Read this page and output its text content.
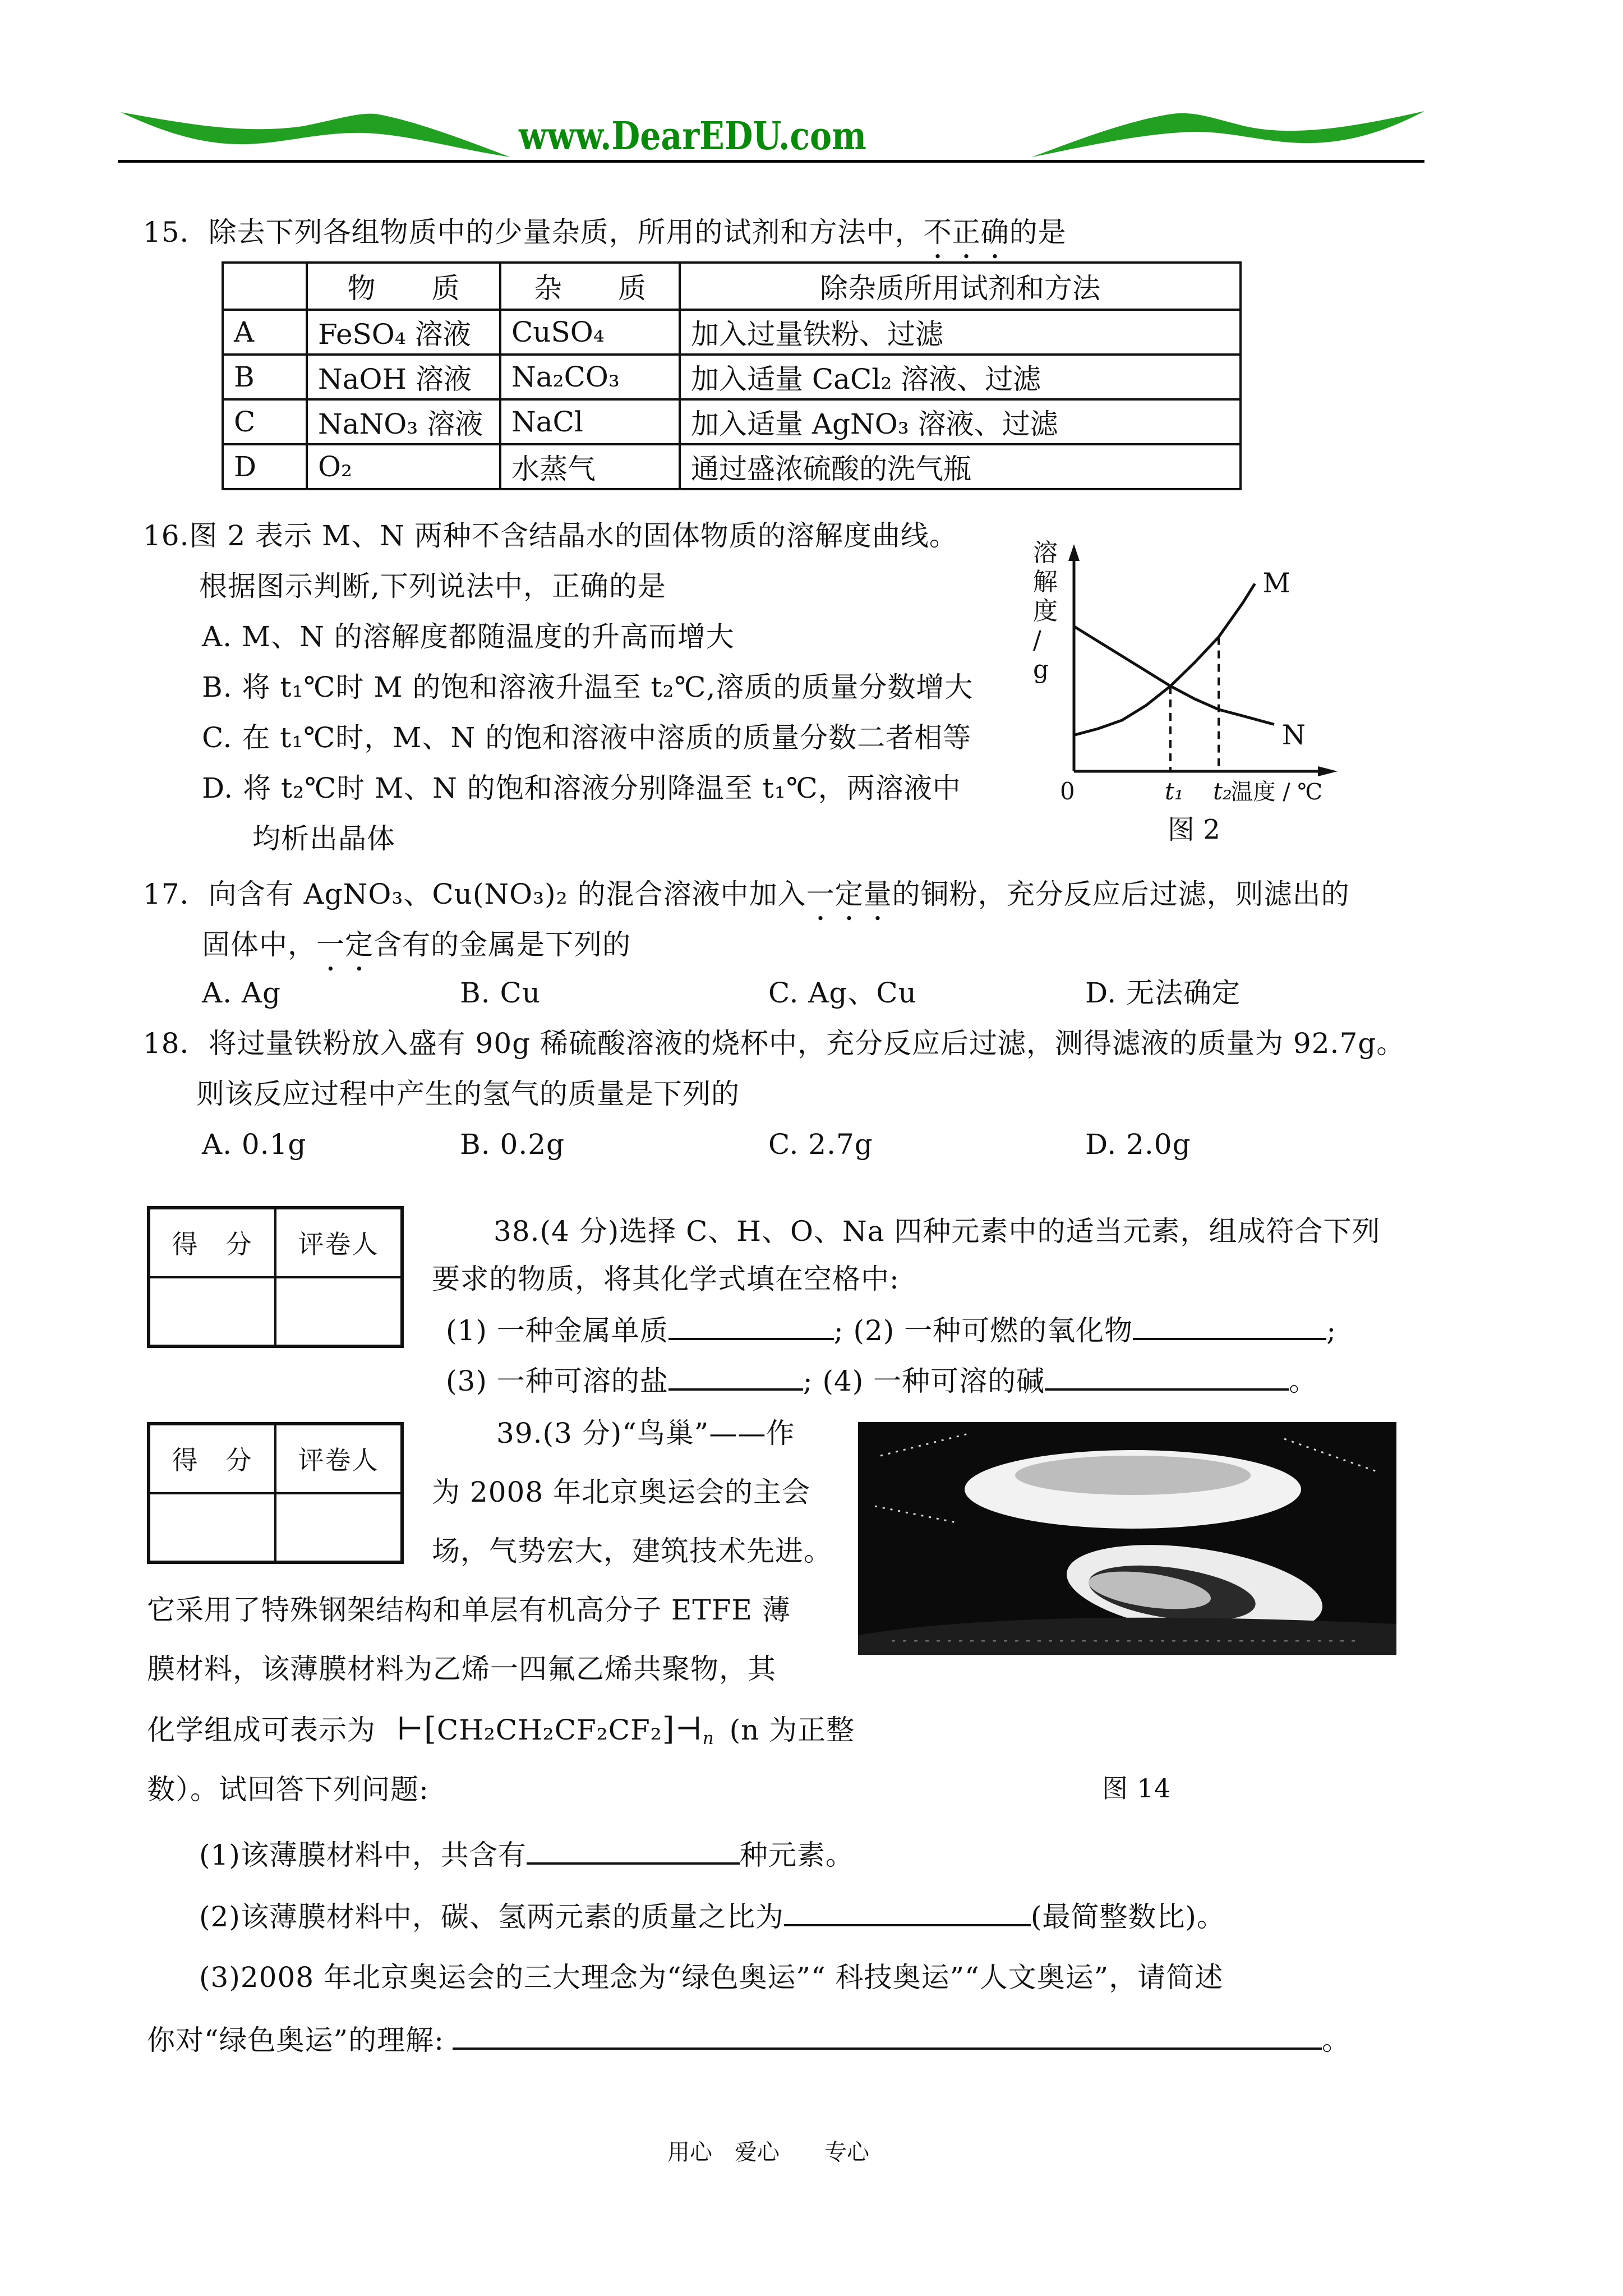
www.DearEDU.com
15．除去下列各组物质中的少量杂质，所用的试剂和方法中，不正确的是
	物　　质	杂　　质	除杂质所用试剂和方法
A	FeSO₄ 溶液	CuSO₄	加入过量铁粉、过滤
B	NaOH 溶液	Na₂CO₃	加入适量 CaCl₂ 溶液、过滤
C	NaNO₃ 溶液	NaCl	加入适量 AgNO₃ 溶液、过滤
D	O₂	水蒸气	通过盛浓硫酸的洗气瓶
16.图 2 表示 M、N 两种不含结晶水的固体物质的溶解度曲线。
根据图示判断,下列说法中，正确的是
A. M、N 的溶解度都随温度的升高而增大
B. 将 t₁℃时 M 的饱和溶液升温至 t₂℃,溶质的质量分数增大
C. 在 t₁℃时，M、N 的饱和溶液中溶质的质量分数二者相等
D. 将 t₂℃时 M、N 的饱和溶液分别降温至 t₁℃，两溶液中
均析出晶体
M
N
0	t₁ t₂
温度 / ℃
溶
解
度
/
g
图 2
17．向含有 AgNO₃、Cu(NO₃)₂ 的混合溶液中加入一定量的铜粉，充分反应后过滤，则滤出的
固体中，一定含有的金属是下列的
A. Ag	B. Cu	C. Ag、Cu	D. 无法确定
18．将过量铁粉放入盛有 90g 稀硫酸溶液的烧杯中，充分反应后过滤，测得滤液的质量为 92.7g。
则该反应过程中产生的氢气的质量是下列的
A. 0.1g	B. 0.2g	C. 2.7g	D. 2.0g
得　分	评卷人	38.(4 分)选择 C、H、O、Na 四种元素中的适当元素，组成符合下列
要求的物质，将其化学式填在空格中:
(1) 一种金属单质	; (2) 一种可燃的氧化物	;
(3) 一种可溶的盐	; (4) 一种可溶的碱	。
得　分	评卷人
39.(3 分)“鸟巢”——作
为 2008 年北京奥运会的主会
场，气势宏大，建筑技术先进。
它采用了特殊钢架结构和单层有机高分子 ETFE 薄
膜材料，该薄膜材料为乙烯一四氟乙烯共聚物，其
化学组成可表示为 $⊢[CH_2CH_2CF_2CF_2]⊣_n$ (n 为正整
数）。试回答下列问题:	图 14
(1)该薄膜材料中，共含有	种元素。
(2)该薄膜材料中，碳、氢两元素的质量之比为	(最简整数比)。
(3)2008 年北京奥运会的三大理念为“绿色奥运”“ 科技奥运”“人文奥运”，请简述
你对“绿色奥运”的理解:	。
用心　爱心　　专心
